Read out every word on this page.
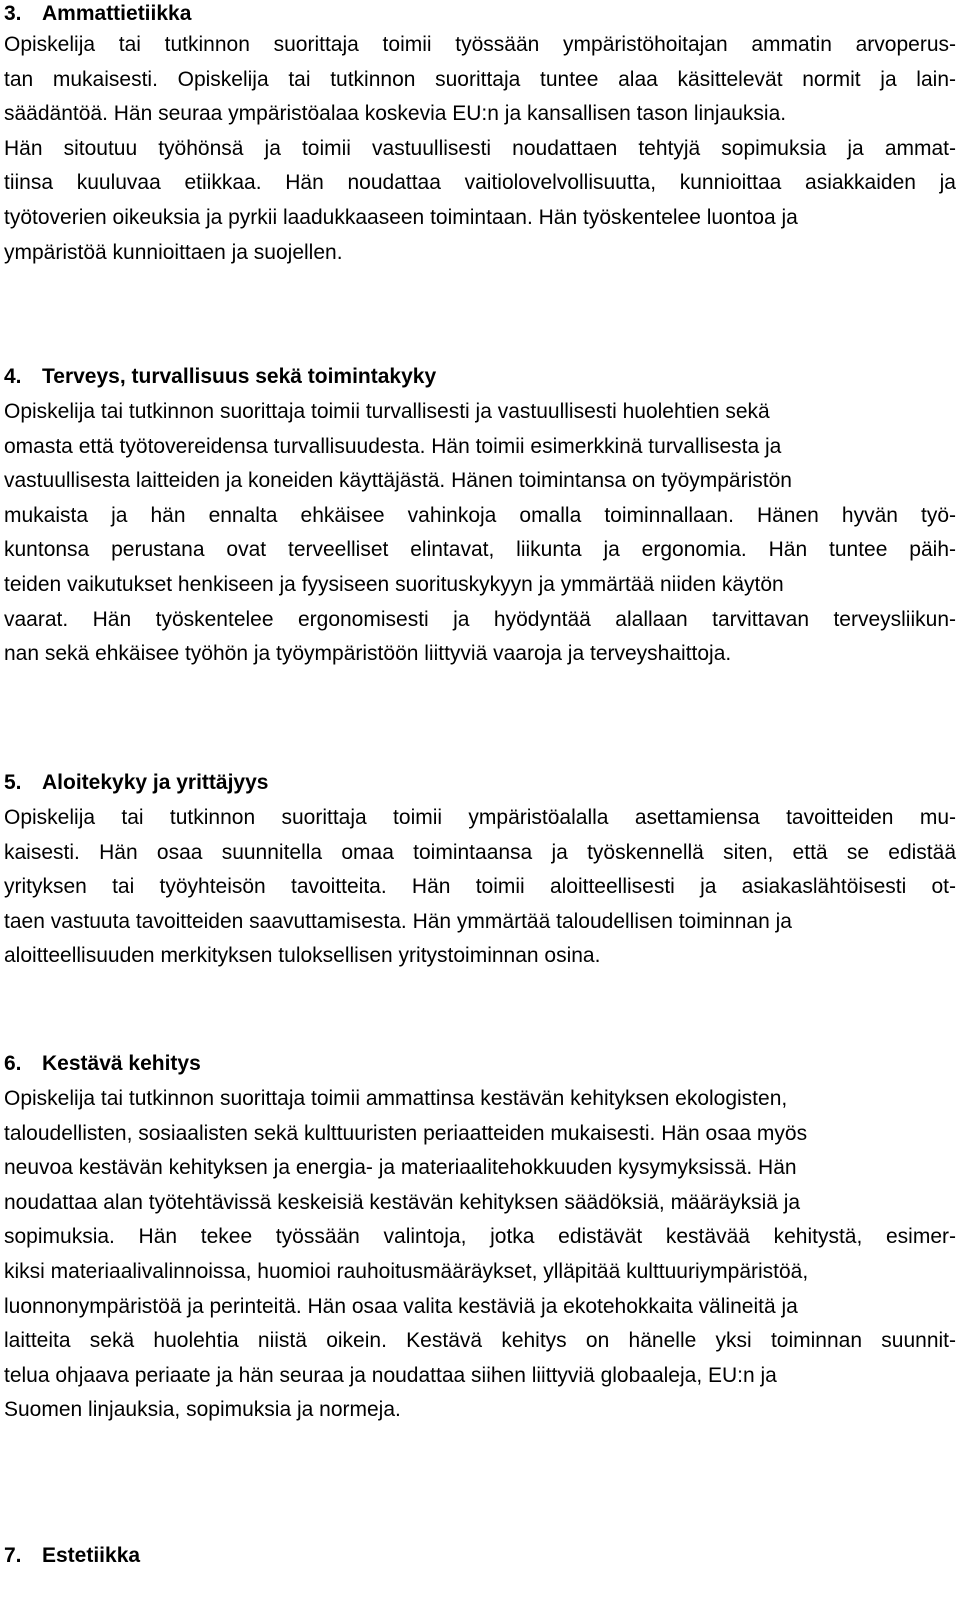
3. Ammattietiikka
Opiskelija tai tutkinnon suorittaja toimii työssään ympäristöhoitajan ammatin arvoperus-
tan mukaisesti. Opiskelija tai tutkinnon suorittaja tuntee alaa käsittelevät normit ja lain-
säädäntöä. Hän seuraa ympäristöalaa koskevia EU:n ja kansallisen tason linjauksia.
Hän sitoutuu työhönsä ja toimii vastuullisesti noudattaen tehtyjä sopimuksia ja ammat-
tiinsa kuuluvaa etiikkaa. Hän noudattaa vaitiolovelvollisuutta, kunnioittaa asiakkaiden ja
työtoverien oikeuksia ja pyrkii laadukkaaseen toimintaan. Hän työskentelee luontoa ja
ympäristöä kunnioittaen ja suojellen.
4. Terveys, turvallisuus sekä toimintakyky
Opiskelija tai tutkinnon suorittaja toimii turvallisesti ja vastuullisesti huolehtien sekä
omasta että työtovereidensa turvallisuudesta. Hän toimii esimerkkinä turvallisesta ja
vastuullisesta laitteiden ja koneiden käyttäjästä. Hänen toimintansa on työympäristön
mukaista ja hän ennalta ehkäisee vahinkoja omalla toiminnallaan. Hänen hyvän työ-
kuntonsa perustana ovat terveelliset elintavat, liikunta ja ergonomia. Hän tuntee päih-
teiden vaikutukset henkiseen ja fyysiseen suorituskykyyn ja ymmärtää niiden käytön
vaarat. Hän työskentelee ergonomisesti ja hyödyntää alallaan tarvittavan terveysliikun-
nan sekä ehkäisee työhön ja työympäristöön liittyviä vaaroja ja terveyshaittoja.
5. Aloitekyky ja yrittäjyys
Opiskelija tai tutkinnon suorittaja toimii ympäristöalalla asettamiensa tavoitteiden mu-
kaisesti. Hän osaa suunnitella omaa toimintaansa ja työskennellä siten, että se edistää
yrityksen tai työyhteisön tavoitteita. Hän toimii aloitteellisesti ja asiakaslähtöisesti ot-
taen vastuuta tavoitteiden saavuttamisesta. Hän ymmärtää taloudellisen toiminnan ja
aloitteellisuuden merkityksen tuloksellisen yritystoiminnan osina.
6. Kestävä kehitys
Opiskelija tai tutkinnon suorittaja toimii ammattinsa kestävän kehityksen ekologisten,
taloudellisten, sosiaalisten sekä kulttuuristen periaatteiden mukaisesti. Hän osaa myös
neuvoa kestävän kehityksen ja energia- ja materiaalitehokkuuden kysymyksissä. Hän
noudattaa alan työtehtävissä keskeisiä kestävän kehityksen säädöksiä, määräyksiä ja
sopimuksia. Hän tekee työssään valintoja, jotka edistävät kestävää kehitystä, esimer-
kiksi materiaalivalinnoissa, huomioi rauhoitusmääräykset, ylläpitää kulttuuriympäristöä,
luonnonympäristöä ja perinteitä. Hän osaa valita kestäviä ja ekotehokkaita välineitä ja
laitteita sekä huolehtia niistä oikein. Kestävä kehitys on hänelle yksi toiminnan suunnit-
telua ohjaava periaate ja hän seuraa ja noudattaa siihen liittyviä globaaleja, EU:n ja
Suomen linjauksia, sopimuksia ja normeja.
7. Estetiikka
